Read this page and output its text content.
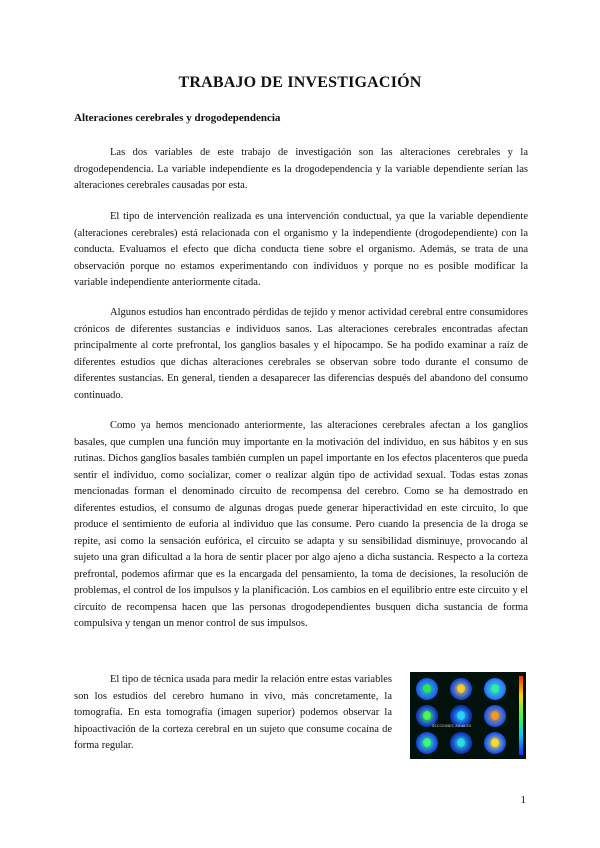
TRABAJO DE INVESTIGACIÓN

Alteraciones cerebrales y drogodependencia

Las dos variables de este trabajo de investigación son las alteraciones cerebrales y la drogodependencia. La variable independiente es la drogodependencia y la variable dependiente serían las alteraciones cerebrales causadas por esta.

El tipo de intervención realizada es una intervención conductual, ya que la variable dependiente (alteraciones cerebrales) está relacionada con el organismo y la independiente (drogodependiente) con la conducta. Evaluamos el efecto que dicha conducta tiene sobre el organismo. Además, se trata de una observación porque no estamos experimentando con individuos y porque no es posible modificar la variable independiente anteriormente citada.

Algunos estudios han encontrado pérdidas de tejido y menor actividad cerebral entre consumidores crónicos de diferentes sustancias e individuos sanos. Las alteraciones cerebrales encontradas afectan principalmente al corte prefrontal, los ganglios basales y el hipocampo. Se ha podido examinar a raíz de diferentes estudios que dichas alteraciones cerebrales se observan sobre todo durante el consumo de diferentes sustancias. En general, tienden a desaparecer las diferencias después del abandono del consumo continuado.

Como ya hemos mencionado anteriormente, las alteraciones cerebrales afectan a los ganglios basales, que cumplen una función muy importante en la motivación del individuo, en sus hábitos y en sus rutinas. Dichos ganglios basales también cumplen un papel importante en los efectos placenteros que pueda sentir el individuo, como socializar, comer o realizar algún tipo de actividad sexual. Todas estas zonas mencionadas forman el denominado circuito de recompensa del cerebro. Como se ha demostrado en diferentes estudios, el consumo de algunas drogas puede generar hiperactividad en este circuito, lo que produce el sentimiento de euforia al individuo que las consume. Pero cuando la presencia de la droga se repite, así como la sensación eufórica, el circuito se adapta y su sensibilidad disminuye, provocando al sujeto una gran dificultad a la hora de sentir placer por algo ajeno a dicha sustancia. Respecto a la corteza prefrontal, podemos afirmar que es la encargada del pensamiento, la toma de decisiones, la resolución de problemas, el control de los impulsos y la planificación. Los cambios en el equilibrio entre este circuito y el circuito de recompensa hacen que las personas drogodependientes busquen dicha sustancia de forma compulsiva y tengan un menor control de sus impulsos.

El tipo de técnica usada para medir la relación entre estas variables son los estudios del cerebro humano in vivo, más concretamente, la tomografía. En esta tomografía (imagen superior) podemos observar la hipoactivación de la corteza cerebral en un sujeto que consume cocaína de forma regular.

SECCIONES AXIALES

1
